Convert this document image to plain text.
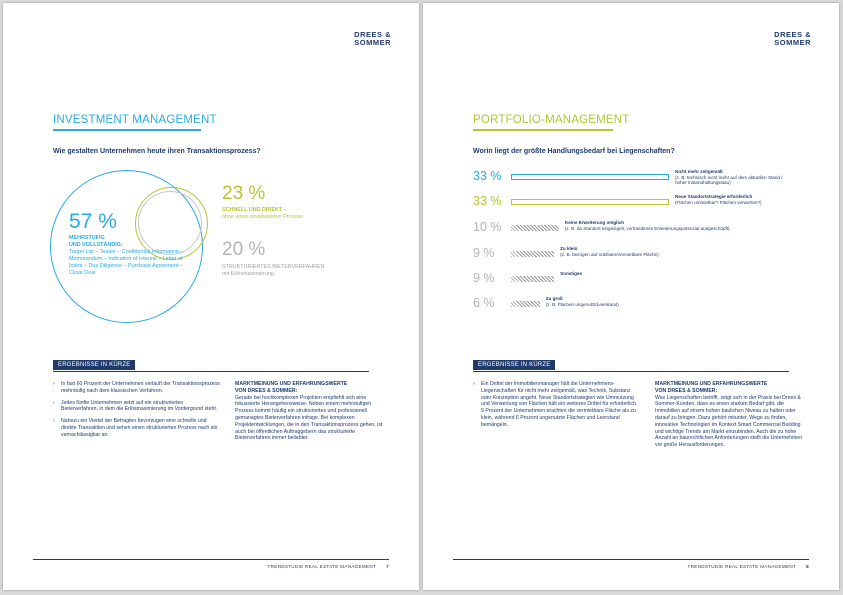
DREES &
SOMMER
INVESTMENT MANAGEMENT
Wie gestalten Unternehmen heute ihren Transaktionsprozess?
57 %
MEHRSTUFIG
UND VOLLSTÄNDIG:

Target List – Teaser – Confidential Information – Memorandum – Indication of Interest – Letter of Intent – Due Diligence – Purchase Agreement – Close Deal
23 %
SCHNELL UND DIREKT –
ohne einen strukturierten Prozess
20 %
STRUKTURIERTES BIETERVERFAHREN
mit Erlösmaximierung
ERGEBNISSE IN KÜRZE
› In fast 60 Prozent der Unternehmen verläuft der Transaktionsprozess mehrstufig nach dem klassischen Verfahren.
› Jedes fünfte Unternehmen setzt auf ein strukturiertes Bieterverfahren, in dem die Erlösmaximierung im Vordergrund steht.
› Nahezu ein Viertel der Befragten bevorzugen eine schnelle und direkte Transaktion und sehen einen strukturierten Prozess nach als vernachlässigbar an.
MARKTMEINUNG UND ERFAHRUNGSWERTE
VON DREES & SOMMER:
Gerade bei hochkomplexen Projekten empfiehlt sich eine fokussierte Herangehensweise. Neben einem mehrstufigen Prozess kommt häufig ein strukturiertes und professionell gemanagtes Bieterverfahren infrage. Bei komplexen Projektentwicklungen, die in den Transaktionsprozess gehen, ist auch bei öffentlichen Auftraggebern das strukturierte Bieterverfahren immer beliebter.
TRENDSTUDIE REAL ESTATE MANAGEMENT 7
DREES &
SOMMER
PORTFOLIO-MANAGEMENT
Worin liegt der größte Handlungsbedarf bei Liegenschaften?
33 %	Nicht mehr zeitgemäß
(z. B. technisch nicht mehr auf dem aktuellen Stand / hoher Instandhaltungsstau)
33 %	Neue Standortstrategie erforderlich
(Flächen ummietbar? Flächen verwerten?)
10 %	Keine Erweiterung möglich
(z. B. da Standort eingezigelt, vorhandenes Erweiterungspotenzial ausgeschöpft)
9 %	Zu klein
(z. B. bezogen auf nutzbare/vermietbare Fläche)
9 %	Sonstiges
6 %	Zu groß
(z. B. Flächen ungenutzt/Leerstand)
ERGEBNISSE IN KÜRZE
› Ein Drittel der Immobilienmanager hält die Unternehmens-Liegenschaften für nicht mehr zeitgemäß, was Technik, Substanz oder Konzeption angeht. Neue Standortstrategien wie Ummutzung und Verwertung von Flächen hält ein weiteres Drittel für erforderlich. 9 Prozent der Unternehmen erachten die vermietbare Fläche als zu klein, während 6 Prozent ungenutzte Flächen und Leerstand bemängeln.
MARKTMEINUNG UND ERFAHRUNGSWERTE
VON DREES & SOMMER:
Was Liegenschaften betrifft, zeigt sich in der Praxis bei Drees & Sommer-Kunden, dass es einen starken Bedarf gibt, die Immobilien auf einem hohen baulichen Niveau zu halten oder darauf zu bringen. Dazu gehört mitunter, Wege zu finden, innovative Technologien im Kontext Smart Commercial Building und wichtige Trends am Markt einzubinden. Auch die zu hohe Anzahl an baurechtlichen Anforderungen stellt die Unternehmen vor große Herausforderungen.
TRENDSTUDIE REAL ESTATE MANAGEMENT 8
